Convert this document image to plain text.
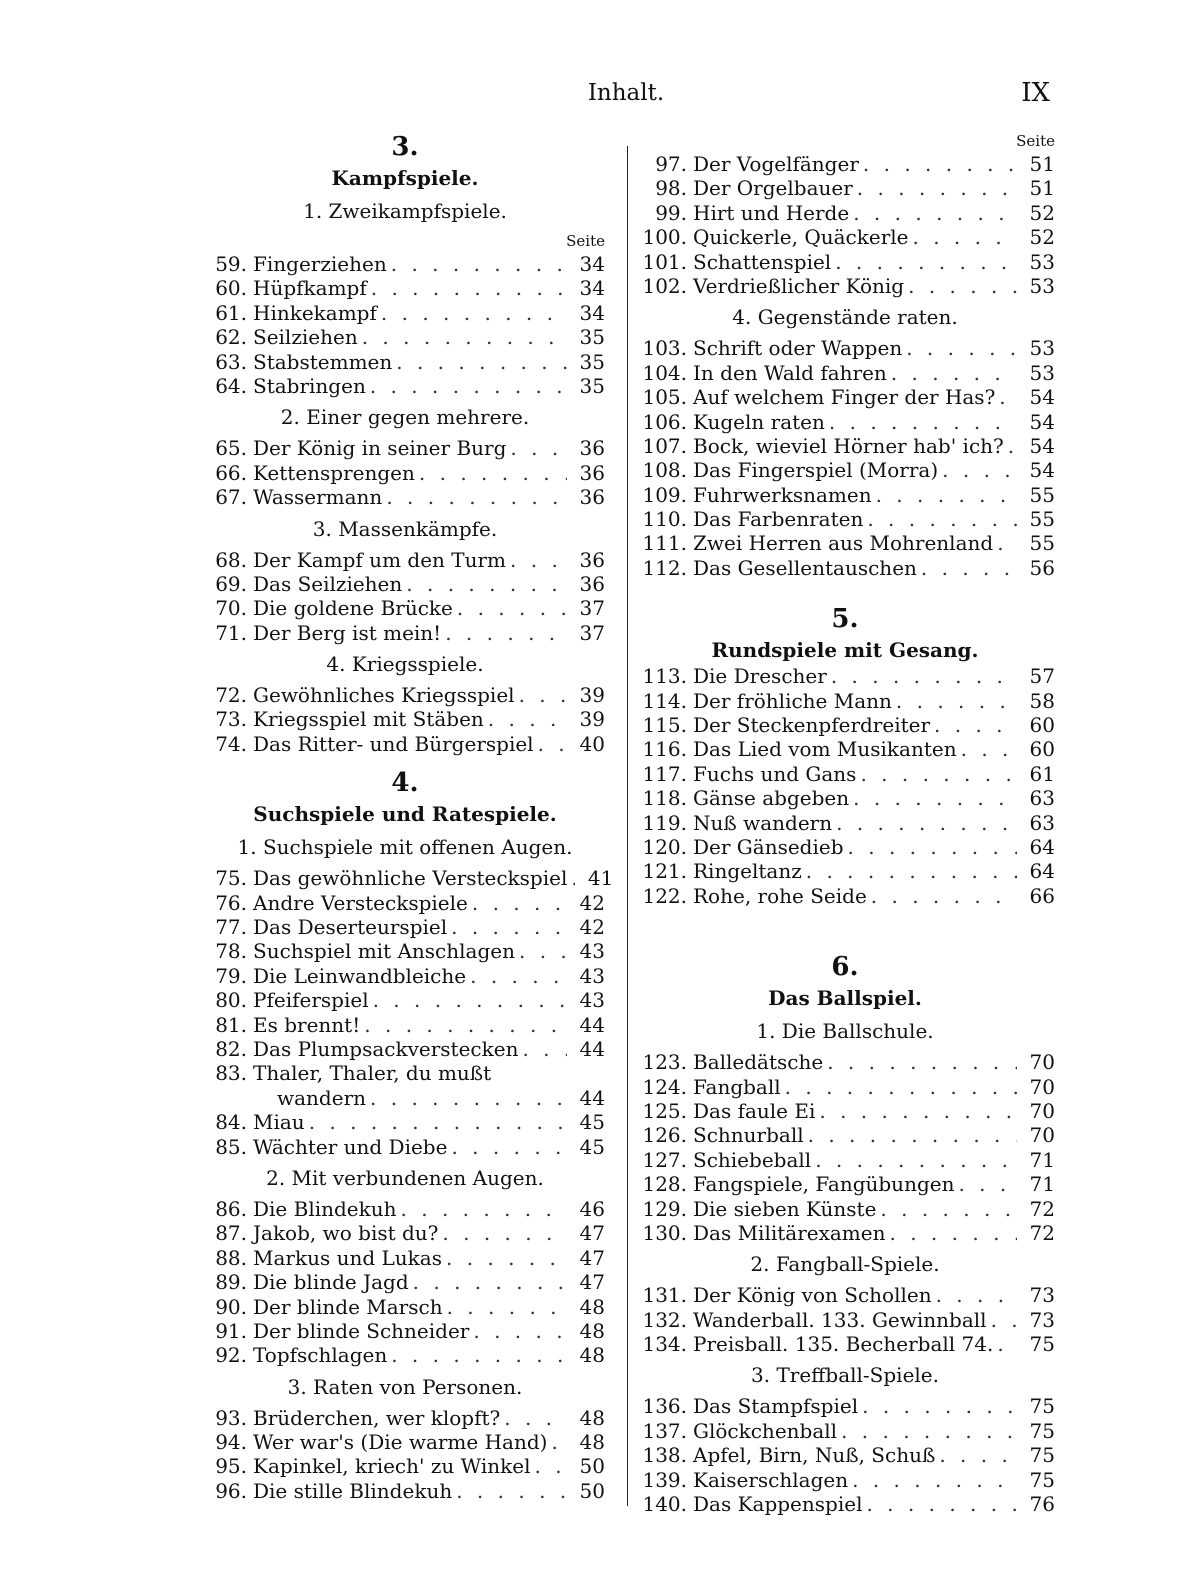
Inhalt.	IX
3.
Kampfspiele.
1. Zweikampfspiele.
Seite
59. Fingerziehen . . .	34
60. Hüpfkampf . . .	34
61. Hinkekampf . . .	34
62. Seilziehen . . .	35
63. Stabstemmen . . .	35
64. Stabringen . . .	35
2. Einer gegen mehrere.
65. Der König in seiner Burg . . .	36
66. Kettensprengen . . .	36
67. Wassermann . . .	36
3. Massenkämpfe.
68. Der Kampf um den Turm . . .	36
69. Das Seilziehen . . .	36
70. Die goldene Brücke . . .	37
71. Der Berg ist mein! . . .	37
4. Kriegsspiele.
72. Gewöhnliches Kriegsspiel . . .	39
73. Kriegsspiel mit Stäben . . .	39
74. Das Ritter- und Bürgerspiel . . .	40
4.
Suchspiele und Ratespiele.
1. Suchspiele mit offenen Augen.
75. Das gewöhnliche Versteckspiel . . .	41
76. Andre Versteckspiele . . .	42
77. Das Deserteurspiel . . .	42
78. Suchspiel mit Anschlagen . . .	43
79. Die Leinwandbleiche . . .	43
80. Pfeiferspiel . . .	43
81. Es brennt! . . .	44
82. Das Plumpsackverstecken . . .	44
83. Thaler, Thaler, du mußt
wandern . . .	44
84. Miau . . .	45
85. Wächter und Diebe . . .	45
2. Mit verbundenen Augen.
86. Die Blindekuh . . .	46
87. Jakob, wo bist du? . . .	47
88. Markus und Lukas . . .	47
89. Die blinde Jagd . . .	47
90. Der blinde Marsch . . .	48
91. Der blinde Schneider . . .	48
92. Topfschlagen . . .	48
3. Raten von Personen.
93. Brüderchen, wer klopft? . . .	48
94. Wer war's (Die warme Hand) . . .	48
95. Kapinkel, kriech' zu Winkel . . .	50
96. Die stille Blindekuh . . .	50
Seite
97. Der Vogelfänger . . .	51
98. Der Orgelbauer . . .	51
99. Hirt und Herde . . .	52
100. Quickerle, Quäckerle . . .	52
101. Schattenspiel . . .	53
102. Verdrießlicher König . . .	53
4. Gegenstände raten.
103. Schrift oder Wappen . . .	53
104. In den Wald fahren . . .	53
105. Auf welchem Finger der Has? . . .	54
106. Kugeln raten . . .	54
107. Bock, wieviel Hörner hab' ich? . . .	54
108. Das Fingerspiel (Morra) . . .	54
109. Fuhrwerksnamen . . .	55
110. Das Farbenraten . . .	55
111. Zwei Herren aus Mohrenland . . .	55
112. Das Gesellentauschen . . .	56
5.
Rundspiele mit Gesang.
113. Die Drescher . . .	57
114. Der fröhliche Mann . . .	58
115. Der Steckenpferdreiter . . .	60
116. Das Lied vom Musikanten . . .	60
117. Fuchs und Gans . . .	61
118. Gänse abgeben . . .	63
119. Nuß wandern . . .	63
120. Der Gänsedieb . . .	64
121. Ringeltanz . . .	64
122. Rohe, rohe Seide . . .	66
6.
Das Ballspiel.
1. Die Ballschule.
123. Balledätsche . . .	70
124. Fangball . . .	70
125. Das faule Ei . . .	70
126. Schnurball . . .	70
127. Schiebeball . . .	71
128. Fangspiele, Fangübungen . . .	71
129. Die sieben Künste . . .	72
130. Das Militärexamen . . .	72
2. Fangball-Spiele.
131. Der König von Schollen . . .	73
132. Wanderball. 133. Gewinnball . . .	73
134. Preisball. 135. Becherball 74. . . .	75
3. Treffball-Spiele.
136. Das Stampfspiel . . .	75
137. Glöckchenball . . .	75
138. Apfel, Birn, Nuß, Schuß . . .	75
139. Kaiserschlagen . . .	75
140. Das Kappenspiel . . .	76
